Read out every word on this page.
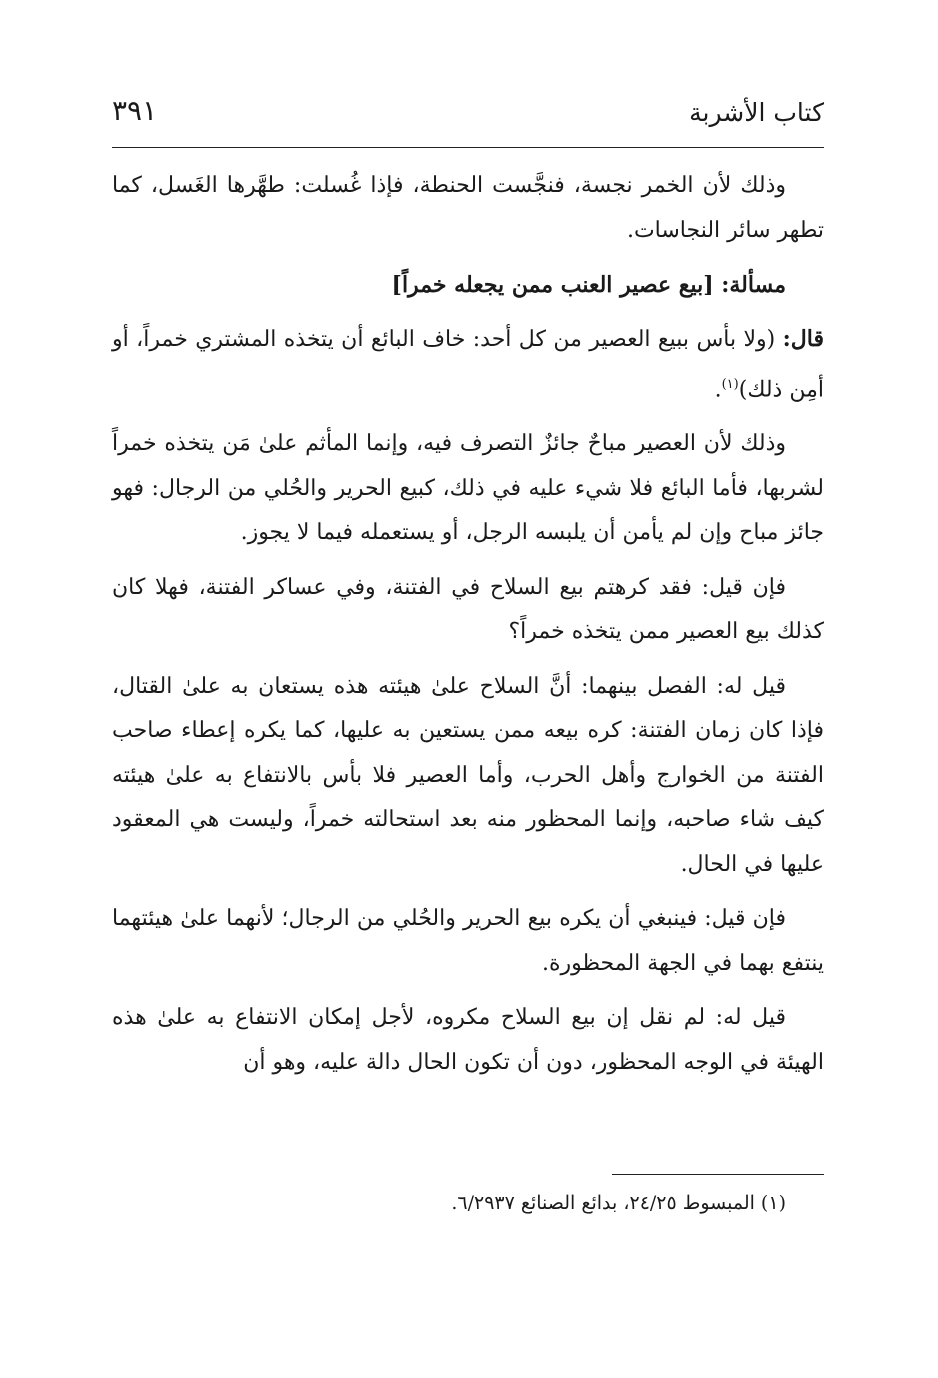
كتاب الأشربة
٣٩١

وذلك لأن الخمر نجسة، فنجَّست الحنطة، فإذا غُسلت: طهَّرها الغَسل، كما تطهر سائر النجاسات.

مسألة: [بيع عصير العنب ممن يجعله خمراً]

قال: (ولا بأس ببيع العصير من كل أحد: خاف البائع أن يتخذه المشتري خمراً، أو أمِن ذلك)$^{(١)}$.

وذلك لأن العصير مباحٌ جائزٌ التصرف فيه، وإنما المأثم علىٰ مَن يتخذه خمراً لشربها، فأما البائع فلا شيء عليه في ذلك، كبيع الحرير والحُلي من الرجال: فهو جائز مباح وإن لم يأمن أن يلبسه الرجل، أو يستعمله فيما لا يجوز.

فإن قيل: فقد كرهتم بيع السلاح في الفتنة، وفي عساكر الفتنة، فهلا كان كذلك بيع العصير ممن يتخذه خمراً؟

قيل له: الفصل بينهما: أنَّ السلاح علىٰ هيئته هذه يستعان به علىٰ القتال، فإذا كان زمان الفتنة: كره بيعه ممن يستعين به عليها، كما يكره إعطاء صاحب الفتنة من الخوارج وأهل الحرب، وأما العصير فلا بأس بالانتفاع به علىٰ هيئته كيف شاء صاحبه، وإنما المحظور منه بعد استحالته خمراً، وليست هي المعقود عليها في الحال.

فإن قيل: فينبغي أن يكره بيع الحرير والحُلي من الرجال؛ لأنهما علىٰ هيئتهما ينتفع بهما في الجهة المحظورة.

قيل له: لم نقل إن بيع السلاح مكروه، لأجل إمكان الانتفاع به علىٰ هذه الهيئة في الوجه المحظور، دون أن تكون الحال دالة عليه، وهو أن

(١) المبسوط ٢٤/٢٥، بدائع الصنائع ٦/٢٩٣٧.
